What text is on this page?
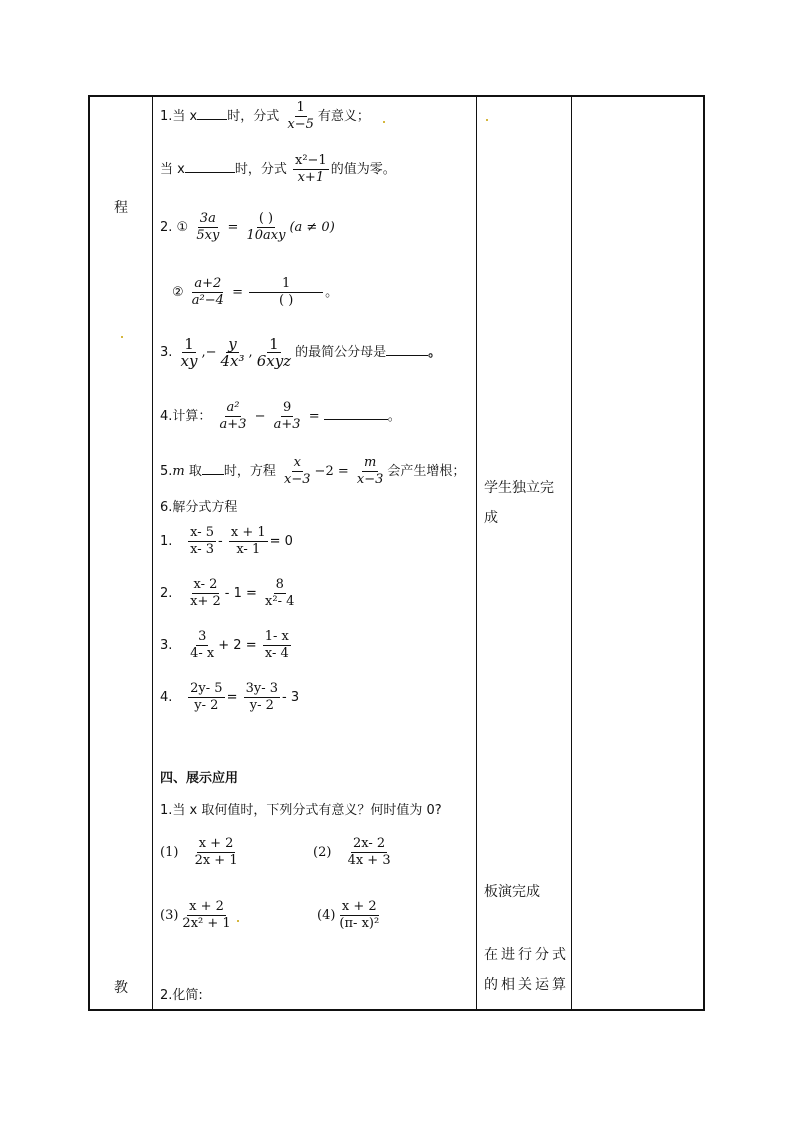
程
教
1.当 x 时，分式 $\frac{1}{x-5}$ 有意义；
当 x	时，分式 $\frac{\text{x²−1}}{x+1}$ 的值为零。
2. ① $\frac{3a}{5xy} = \frac{( )}{\text{10axy}} (a \ne 0)$
② $\frac{a+2}{\text{a²−4}} = \frac{1}{( )}$ 。
3. $\frac{1}{xy}$ ,− $\frac{y}{\text{4x³}}$ , $\frac{1}{\text{6xyz}}$ 的最简公分母是	。
4.计算： $\frac{\text{a²}}{a+3} - \frac{9}{a+3}$ =	。
5.m 取 时，方程 $\frac{x}{x-3} -2 = \frac{m}{x-3}$ 会产生增根；
6.解分式方程
1. $\frac{x- 5}{x- 3} - \frac{x + 1}{x- 1} = 0$
2. $\frac{x- 2}{x+ 2} - 1 = \frac{8}{\text{x²- 4}}$
3. $\frac{3}{4- x} + 2 = \frac{1- x}{x- 4}$
4. $\frac{2y- 5}{y- 2} = \frac{3y- 3}{y- 2} - 3$
四、展示应用
1.当 x 取何值时，下列分式有意义？何时值为 0?
$(1) \frac{x + 2}{2x + 1}$	$(2) \frac{2x- 2}{4x + 3}$
$(3) \frac{x + 2}{\text{2x² + 1}}$	$(4) \frac{x + 2}{\text{(π- x)²}}$
2.化简:
学生独立完
成
板演完成
在进行分式
的相关运算
